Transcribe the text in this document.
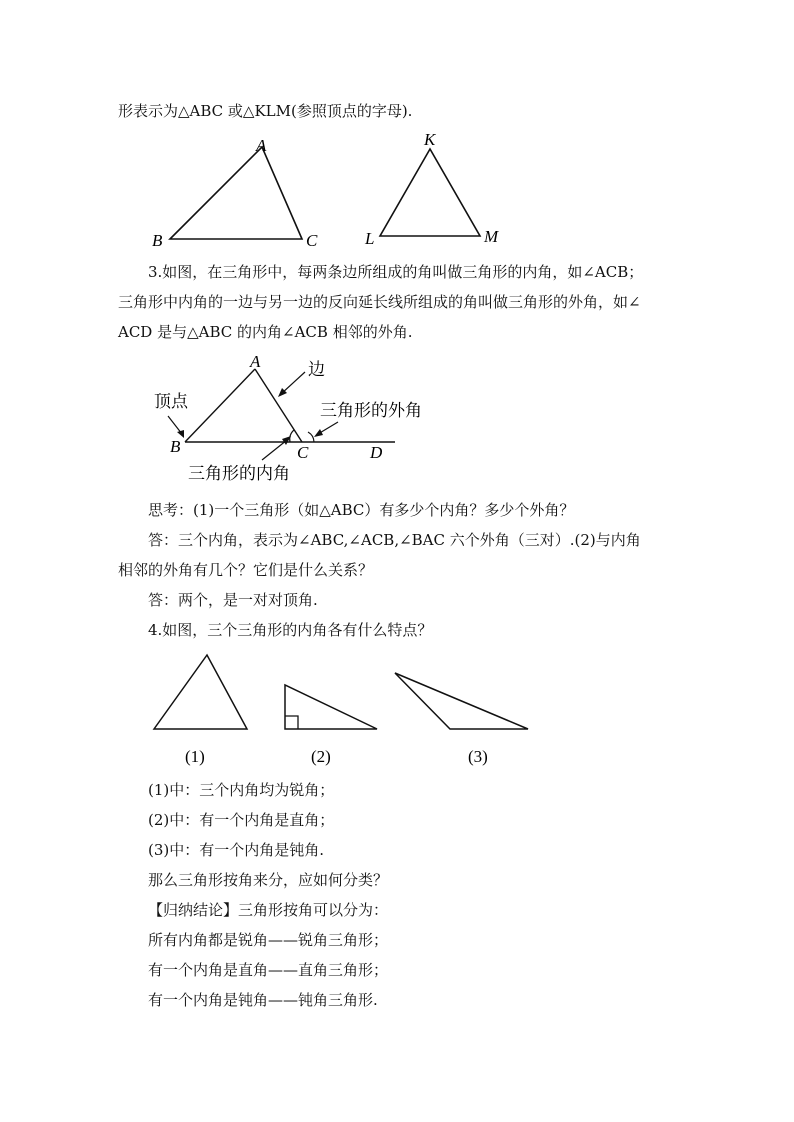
形表示为△ABC 或△KLM(参照顶点的字母).
A
B	C
K
L	M
3.如图，在三角形中，每两条边所组成的角叫做三角形的内角，如∠ACB；
三角形中内角的一边与另一边的反向延长线所组成的角叫做三角形的外角，如∠
ACD 是与△ABC 的内角∠ACB 相邻的外角.
A
B	C	D
边
顶点	三角形的外角
三角形的内角
思考：(1)一个三角形（如△ABC）有多少个内角？多少个外角？
答：三个内角，表示为∠ABC,∠ACB,∠BAC 六个外角（三对）.(2)与内角
相邻的外角有几个？它们是什么关系？
答：两个，是一对对顶角.
4.如图，三个三角形的内角各有什么特点？
(1)	(2)	(3)
(1)中：三个内角均为锐角；
(2)中：有一个内角是直角；
(3)中：有一个内角是钝角.
那么三角形按角来分，应如何分类？
【归纳结论】三角形按角可以分为：
所有内角都是锐角——锐角三角形；
有一个内角是直角——直角三角形；
有一个内角是钝角——钝角三角形.
